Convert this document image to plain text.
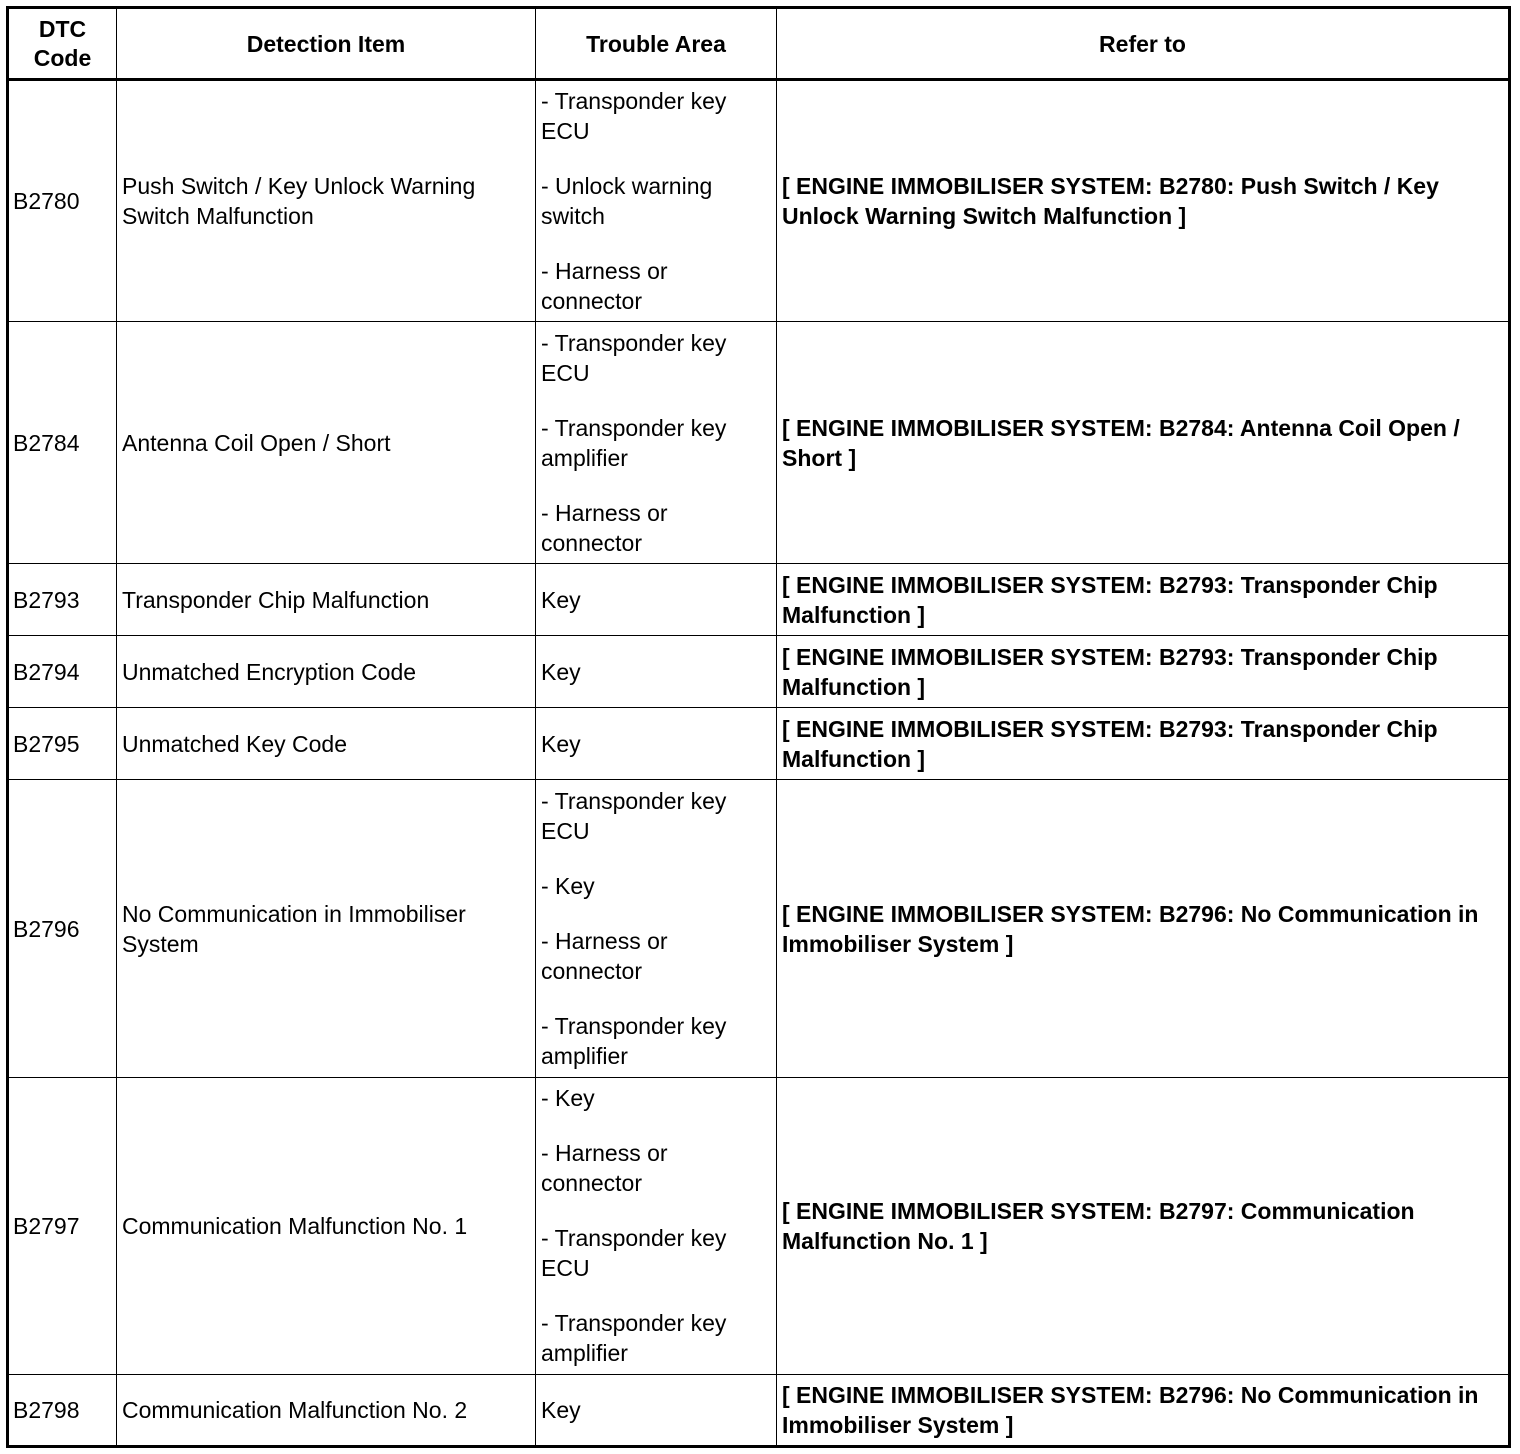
DTC
Code	Detection Item	Trouble Area	Refer to
B2780	Push Switch / Key Unlock Warning Switch Malfunction	- Transponder key ECU
- Unlock warning switch
- Harness or connector	[ ENGINE IMMOBILISER SYSTEM: B2780: Push Switch / Key Unlock Warning Switch Malfunction ]
B2784	Antenna Coil Open / Short	- Transponder key ECU
- Transponder key amplifier
- Harness or connector	[ ENGINE IMMOBILISER SYSTEM: B2784: Antenna Coil Open / Short ]
B2793	Transponder Chip Malfunction	Key	[ ENGINE IMMOBILISER SYSTEM: B2793: Transponder Chip Malfunction ]
B2794	Unmatched Encryption Code	Key	[ ENGINE IMMOBILISER SYSTEM: B2793: Transponder Chip Malfunction ]
B2795	Unmatched Key Code	Key	[ ENGINE IMMOBILISER SYSTEM: B2793: Transponder Chip Malfunction ]
B2796	No Communication in Immobiliser System	- Transponder key ECU
- Key
- Harness or connector
- Transponder key amplifier	[ ENGINE IMMOBILISER SYSTEM: B2796: No Communication in Immobiliser System ]
B2797	Communication Malfunction No. 1	- Key
- Harness or connector
- Transponder key ECU
- Transponder key amplifier	[ ENGINE IMMOBILISER SYSTEM: B2797: Communication Malfunction No. 1 ]
B2798	Communication Malfunction No. 2	Key	[ ENGINE IMMOBILISER SYSTEM: B2796: No Communication in Immobiliser System ]
